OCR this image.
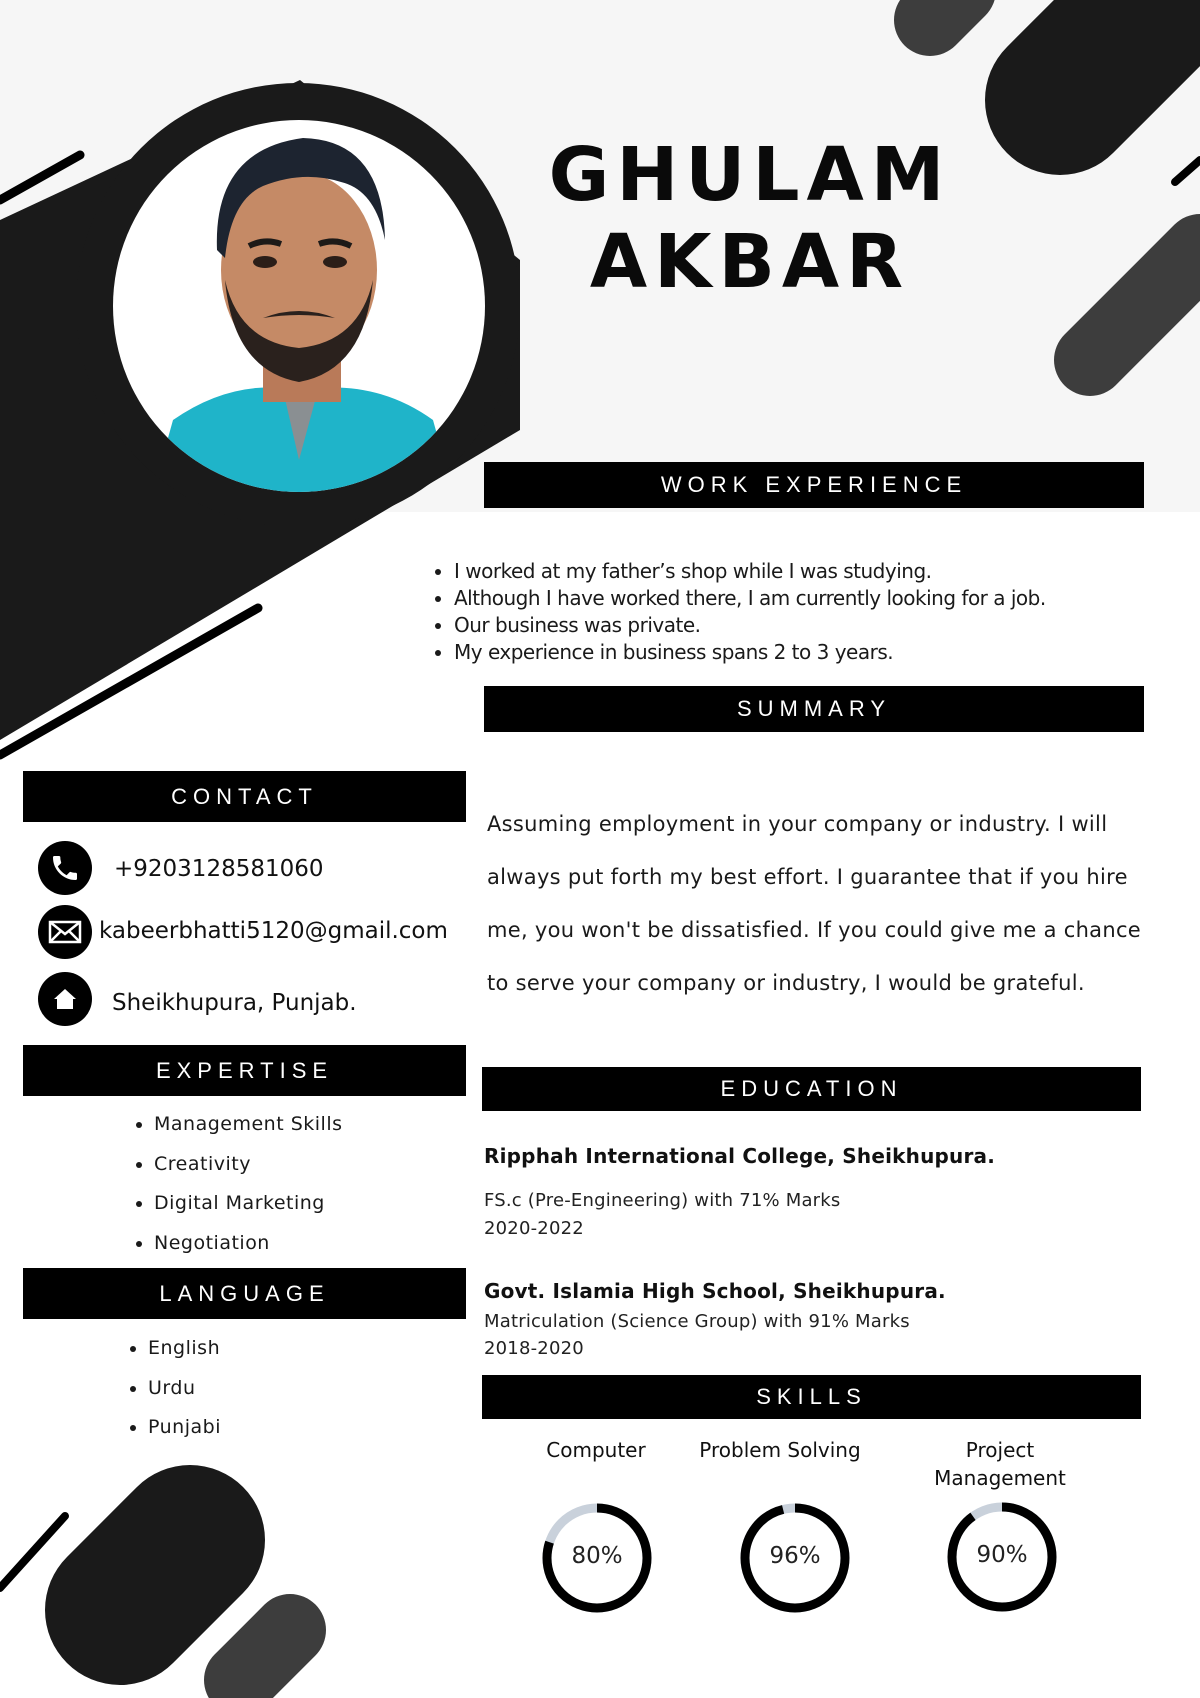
GHULAM
AKBAR
WORK EXPERIENCE
• I worked at my father’s shop while I was studying.
• Although I have worked there, I am currently looking for a job.
• Our business was private.
• My experience in business spans 2 to 3 years.
SUMMARY
Assuming employment in your company or industry. I will always put forth my best effort. I guarantee that if you hire me, you won't be dissatisfied. If you could give me a chance to serve your company or industry, I would be grateful.
CONTACT
+9203128581060
kabeerbhatti5120@gmail.com
Sheikhupura, Punjab.
EXPERTISE
• Management Skills
• Creativity
• Digital Marketing
• Negotiation
LANGUAGE
• English
• Urdu
• Punjabi
EDUCATION
Ripphah International College, Sheikhupura.
FS.c (Pre-Engineering) with 71% Marks
2020-2022
Govt. Islamia High School, Sheikhupura.
Matriculation (Science Group) with 91% Marks
2018-2020
SKILLS
Computer	Problem Solving	Project Management
80%	96%	90%
